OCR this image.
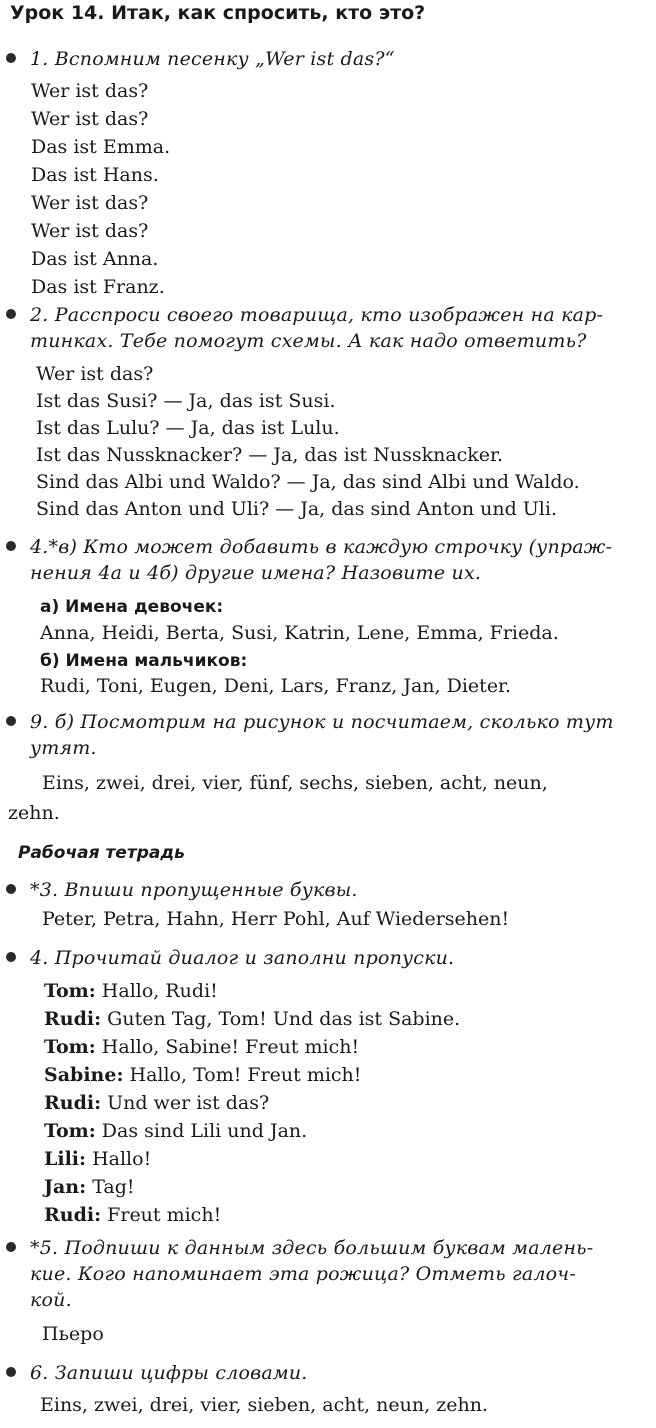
Урок 14. Итак, как спросить, кто это?
1. Вспомним песенку „Wer ist das?“
Wer ist das?
Wer ist das?
Das ist Emma.
Das ist Hans.
Wer ist das?
Wer ist das?
Das ist Anna.
Das ist Franz.
2. Расспроси своего товарища, кто изображен на кар-
тинках. Тебе помогут схемы. А как надо ответить?
Wer ist das?
Ist das Susi? — Ja, das ist Susi.
Ist das Lulu? — Ja, das ist Lulu.
Ist das Nussknacker? — Ja, das ist Nussknacker.
Sind das Albi und Waldo? — Ja, das sind Albi und Waldo.
Sind das Anton und Uli? — Ja, das sind Anton und Uli.
4.*в) Кто может добавить в каждую строчку (упраж-
нения 4а и 4б) другие имена? Назовите их.
а) Имена девочек:
Anna, Heidi, Berta, Susi, Katrin, Lene, Emma, Frieda.
б) Имена мальчиков:
Rudi, Toni, Eugen, Deni, Lars, Franz, Jan, Dieter.
9. б) Посмотрим на рисунок и посчитаем, сколько тут
утят.
Eins, zwei, drei, vier, fünf, sechs, sieben, acht, neun,
zehn.
Рабочая тетрадь
*3. Впиши пропущенные буквы.
Peter, Petra, Hahn, Herr Pohl, Auf Wiedersehen!
4. Прочитай диалог и заполни пропуски.
Tom: Hallo, Rudi!
Rudi: Guten Tag, Tom! Und das ist Sabine.
Tom: Hallo, Sabine! Freut mich!
Sabine: Hallo, Tom! Freut mich!
Rudi: Und wer ist das?
Tom: Das sind Lili und Jan.
Lili: Hallo!
Jan: Tag!
Rudi: Freut mich!
*5. Подпиши к данным здесь большим буквам малень-
кие. Кого напоминает эта рожица? Отметь галоч-
кой.
Пьеро
6. Запиши цифры словами.
Eins, zwei, drei, vier, sieben, acht, neun, zehn.
